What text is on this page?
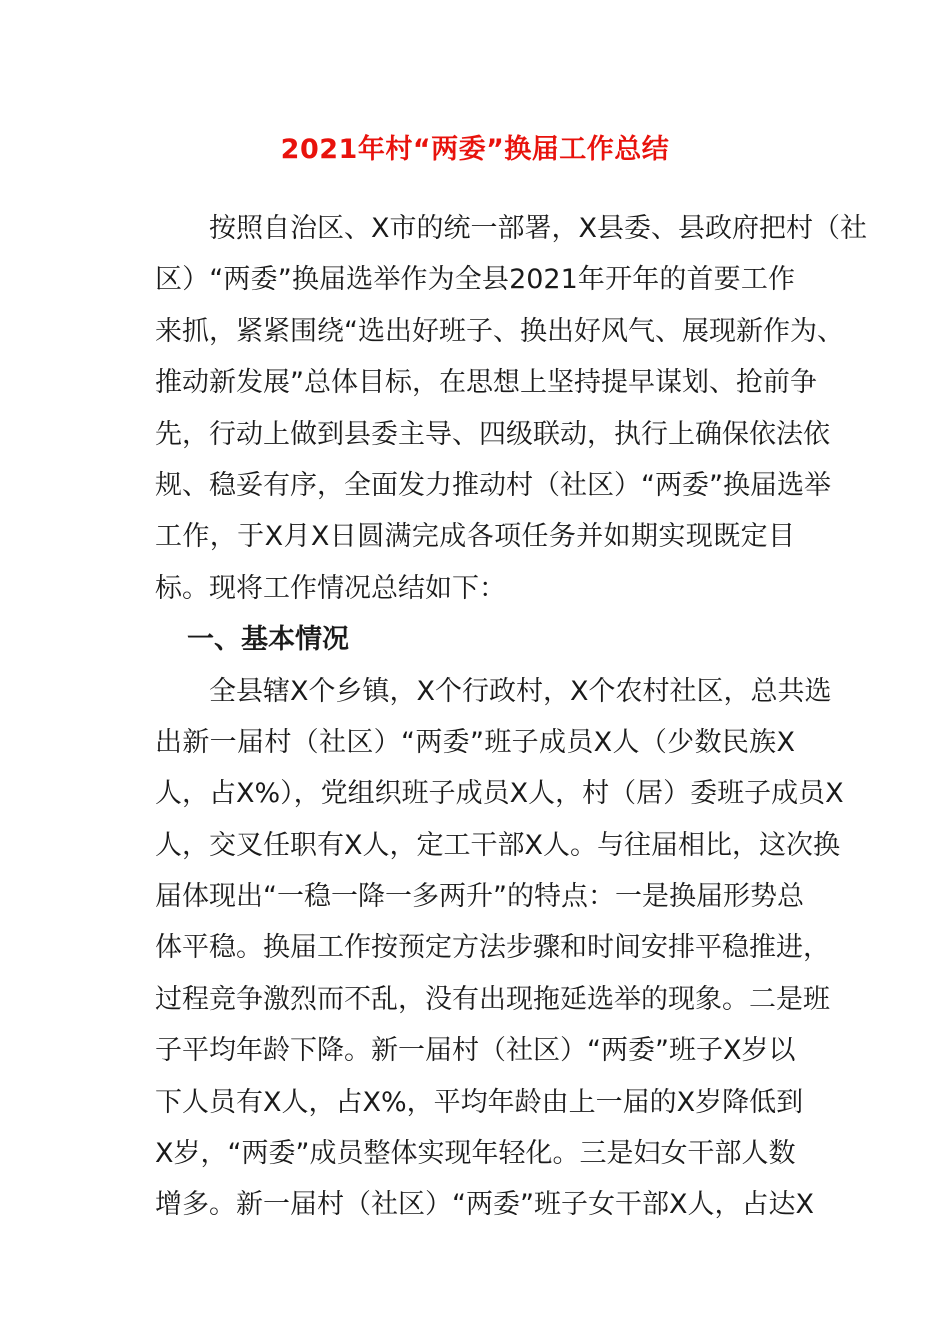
2021年村“两委”换届工作总结
　　按照自治区、X市的统一部署，X县委、县政府把村（社
区）“两委”换届选举作为全县2021年开年的首要工作
来抓，紧紧围绕“选出好班子、换出好风气、展现新作为、
推动新发展”总体目标，在思想上坚持提早谋划、抢前争
先，行动上做到县委主导、四级联动，执行上确保依法依
规、稳妥有序，全面发力推动村（社区）“两委”换届选举
工作，于X月X日圆满完成各项任务并如期实现既定目
标。现将工作情况总结如下：
一、基本情况
　　全县辖X个乡镇，X个行政村，X个农村社区，总共选
出新一届村（社区）“两委”班子成员X人（少数民族X
人，占X%），党组织班子成员X人，村（居）委班子成员X
人，交叉任职有X人，定工干部X人。与往届相比，这次换
届体现出“一稳一降一多两升”的特点：一是换届形势总
体平稳。换届工作按预定方法步骤和时间安排平稳推进，
过程竞争激烈而不乱，没有出现拖延选举的现象。二是班
子平均年龄下降。新一届村（社区）“两委”班子X岁以
下人员有X人，占X%，平均年龄由上一届的X岁降低到
X岁，“两委”成员整体实现年轻化。三是妇女干部人数
增多。新一届村（社区）“两委”班子女干部X人，占达X
